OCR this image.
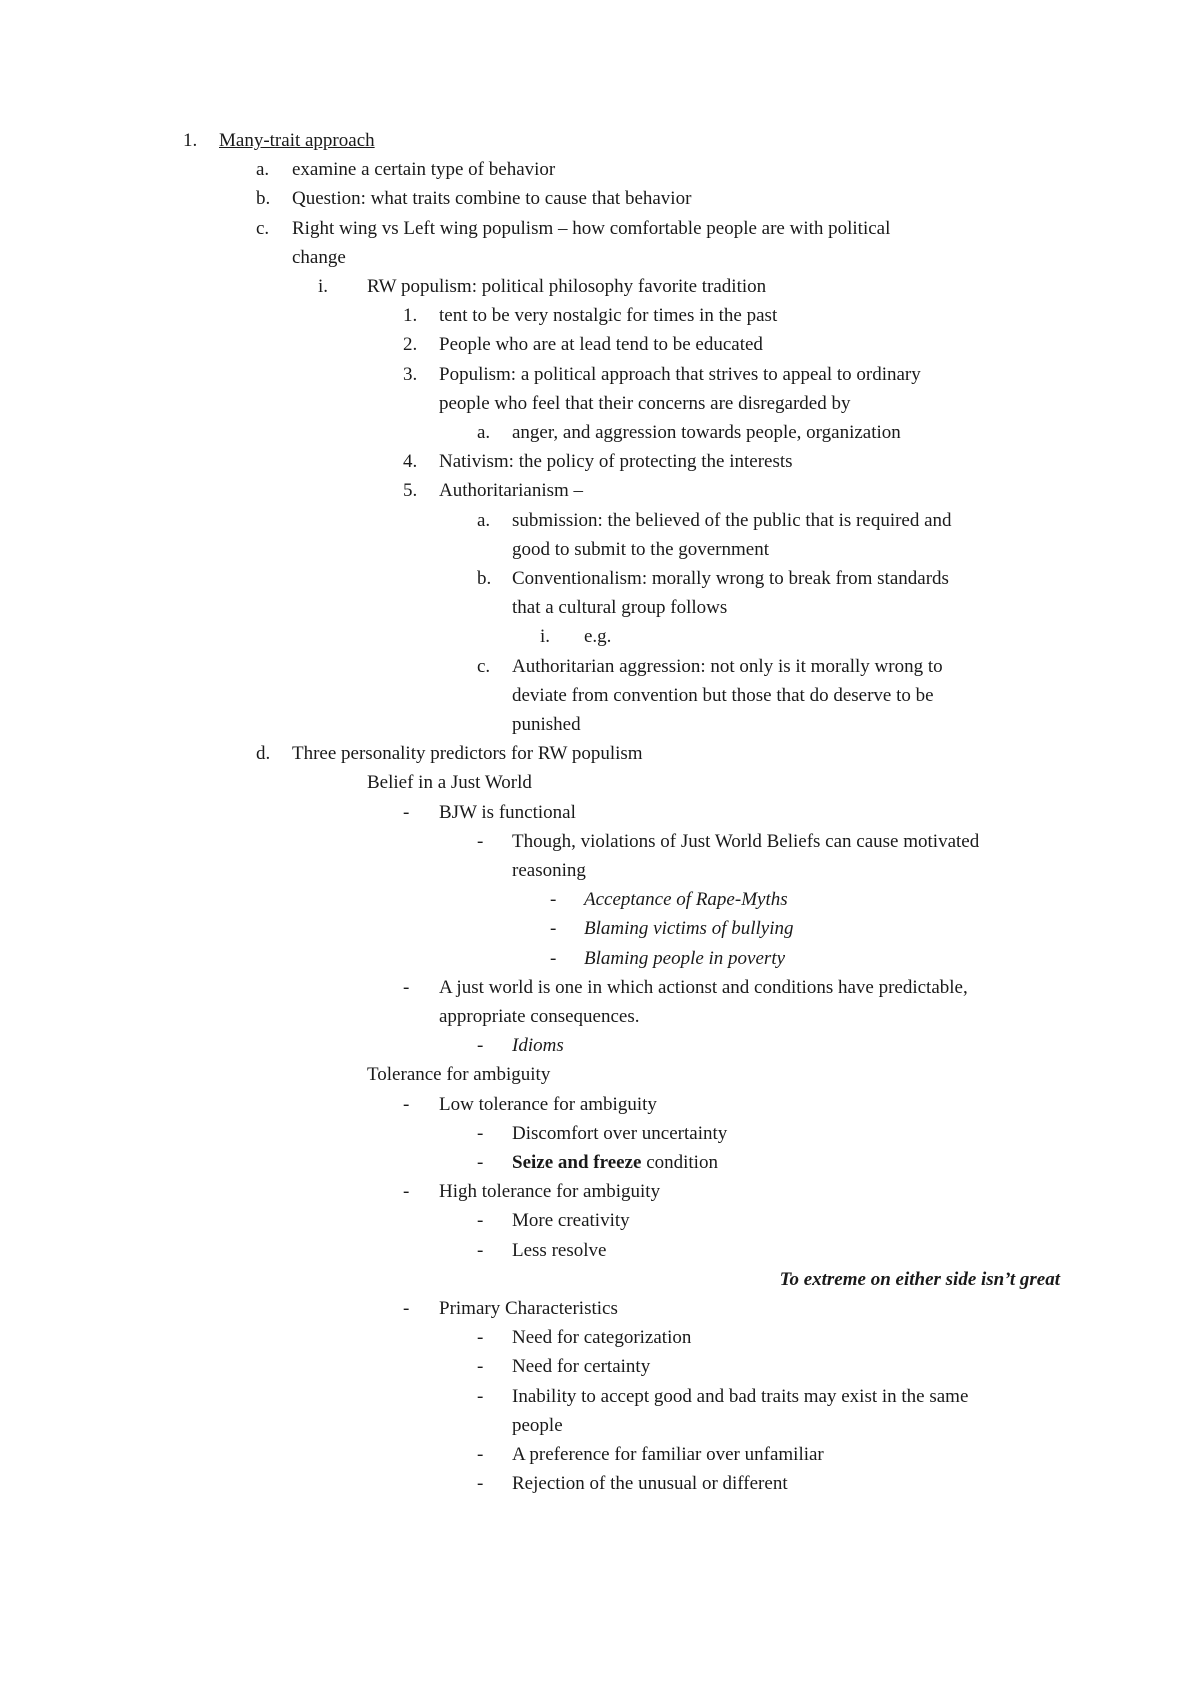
1. Many-trait approach
a. examine a certain type of behavior
b. Question: what traits combine to cause that behavior
c. Right wing vs Left wing populism – how comfortable people are with political
change
i. RW populism: political philosophy favorite tradition
1. tent to be very nostalgic for times in the past
2. People who are at lead tend to be educated
3. Populism: a political approach that strives to appeal to ordinary
people who feel that their concerns are disregarded by
a. anger, and aggression towards people, organization
4. Nativism: the policy of protecting the interests
5. Authoritarianism –
a. submission: the believed of the public that is required and
good to submit to the government
b. Conventionalism: morally wrong to break from standards
that a cultural group follows
i. e.g.
c. Authoritarian aggression: not only is it morally wrong to
deviate from convention but those that do deserve to be
punished
d. Three personality predictors for RW populism
Belief in a Just World
- BJW is functional
- Though, violations of Just World Beliefs can cause motivated
reasoning
- Acceptance of Rape-Myths
- Blaming victims of bullying
- Blaming people in poverty
- A just world is one in which actionst and conditions have predictable,
appropriate consequences.
- Idioms
Tolerance for ambiguity
- Low tolerance for ambiguity
- Discomfort over uncertainty
- Seize and freeze condition
- High tolerance for ambiguity
- More creativity
- Less resolve
To extreme on either side isn’t great
- Primary Characteristics
- Need for categorization
- Need for certainty
- Inability to accept good and bad traits may exist in the same
people
- A preference for familiar over unfamiliar
- Rejection of the unusual or different
